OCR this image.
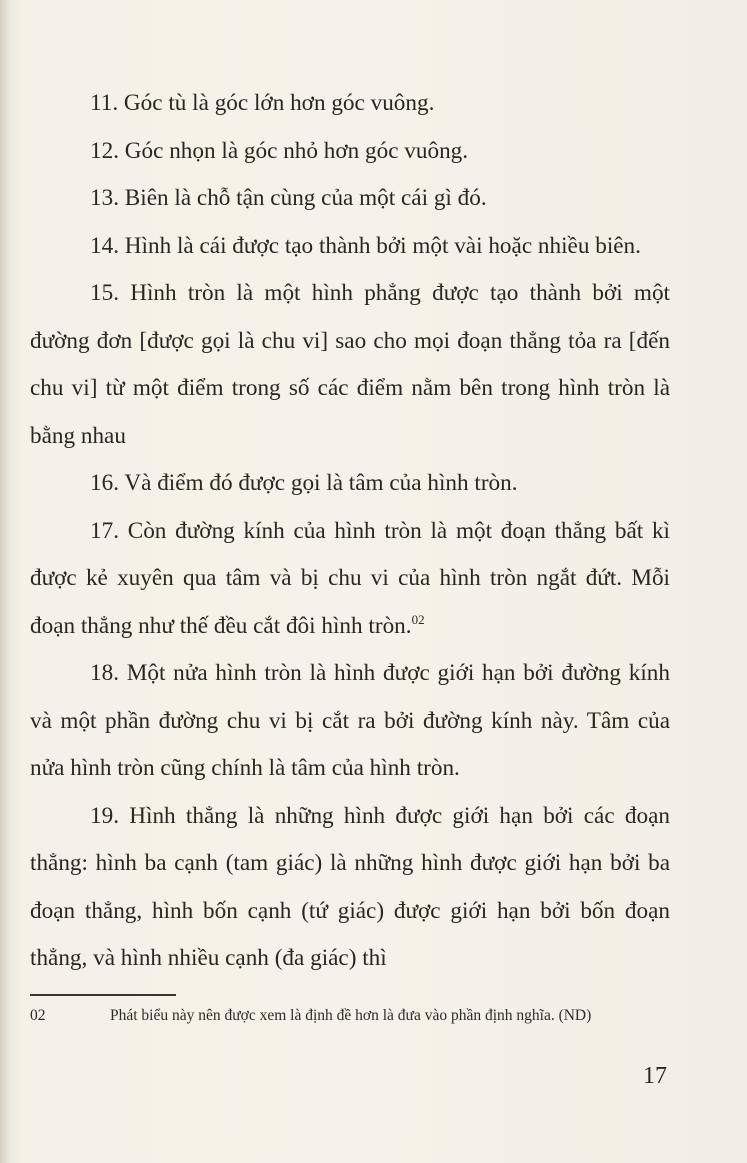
11. Góc tù là góc lớn hơn góc vuông.

12. Góc nhọn là góc nhỏ hơn góc vuông.

13. Biên là chỗ tận cùng của một cái gì đó.

14. Hình là cái được tạo thành bởi một vài hoặc nhiều biên.

15. Hình tròn là một hình phẳng được tạo thành bởi một đường đơn [được gọi là chu vi] sao cho mọi đoạn thẳng tỏa ra [đến chu vi] từ một điểm trong số các điểm nằm bên trong hình tròn là bằng nhau

16. Và điểm đó được gọi là tâm của hình tròn.

17. Còn đường kính của hình tròn là một đoạn thẳng bất kì được kẻ xuyên qua tâm và bị chu vi của hình tròn ngắt đứt. Mỗi đoạn thẳng như thế đều cắt đôi hình tròn.$^{02}$

18. Một nửa hình tròn là hình được giới hạn bởi đường kính và một phần đường chu vi bị cắt ra bởi đường kính này. Tâm của nửa hình tròn cũng chính là tâm của hình tròn.

19. Hình thẳng là những hình được giới hạn bởi các đoạn thẳng: hình ba cạnh (tam giác) là những hình được giới hạn bởi ba đoạn thẳng, hình bốn cạnh (tứ giác) được giới hạn bởi bốn đoạn thẳng, và hình nhiều cạnh (đa giác) thì

02	Phát biểu này nên được xem là định đề hơn là đưa vào phần định nghĩa. (ND)
17
